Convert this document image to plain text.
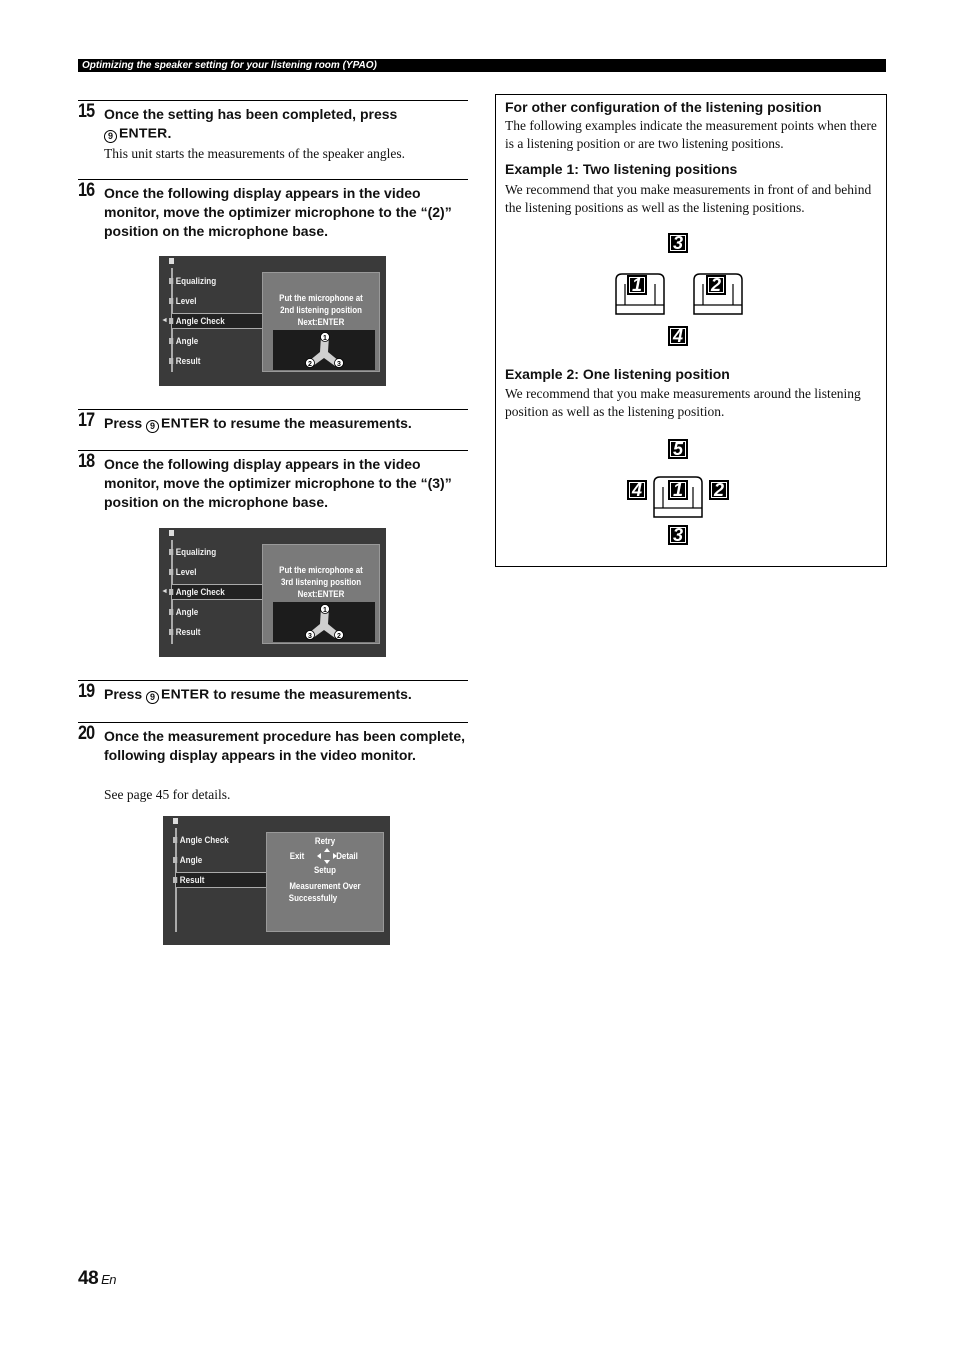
Optimizing the speaker setting for your listening room (YPAO)
15 Once the setting has been completed, press
9 ENTER.
This unit starts the measurements of the speaker angles.
16 Once the following display appears in the video monitor, move the optimizer microphone to the “(2)” position on the microphone base.
◄
Equalizing
Level
Angle Check
Angle
Result
Put the microphone at
2nd listening position
Next:ENTER
1
2	3
17 Press 9 ENTER to resume the measurements.
18 Once the following display appears in the video monitor, move the optimizer microphone to the “(3)” position on the microphone base.
◄
Equalizing
Level
Angle Check
Angle
Result
Put the microphone at
3rd listening position
Next:ENTER
1
3	2
19 Press 9 ENTER to resume the measurements.
20 Once the measurement procedure has been complete, following display appears in the video monitor.
See page 45 for details.
Angle Check
Angle
Result
Retry
Exit	Detail
Setup
Measurement Over
Successfully
For other configuration of the listening position
The following examples indicate the measurement points when there is a listening position or are two listening positions.
Example 1: Two listening positions
We recommend that you make measurements in front of and behind the listening positions as well as the listening positions.
3
1	2
4
Example 2: One listening position
We recommend that you make measurements around the listening position as well as the listening position.
5
4 1 2
3
48 En
